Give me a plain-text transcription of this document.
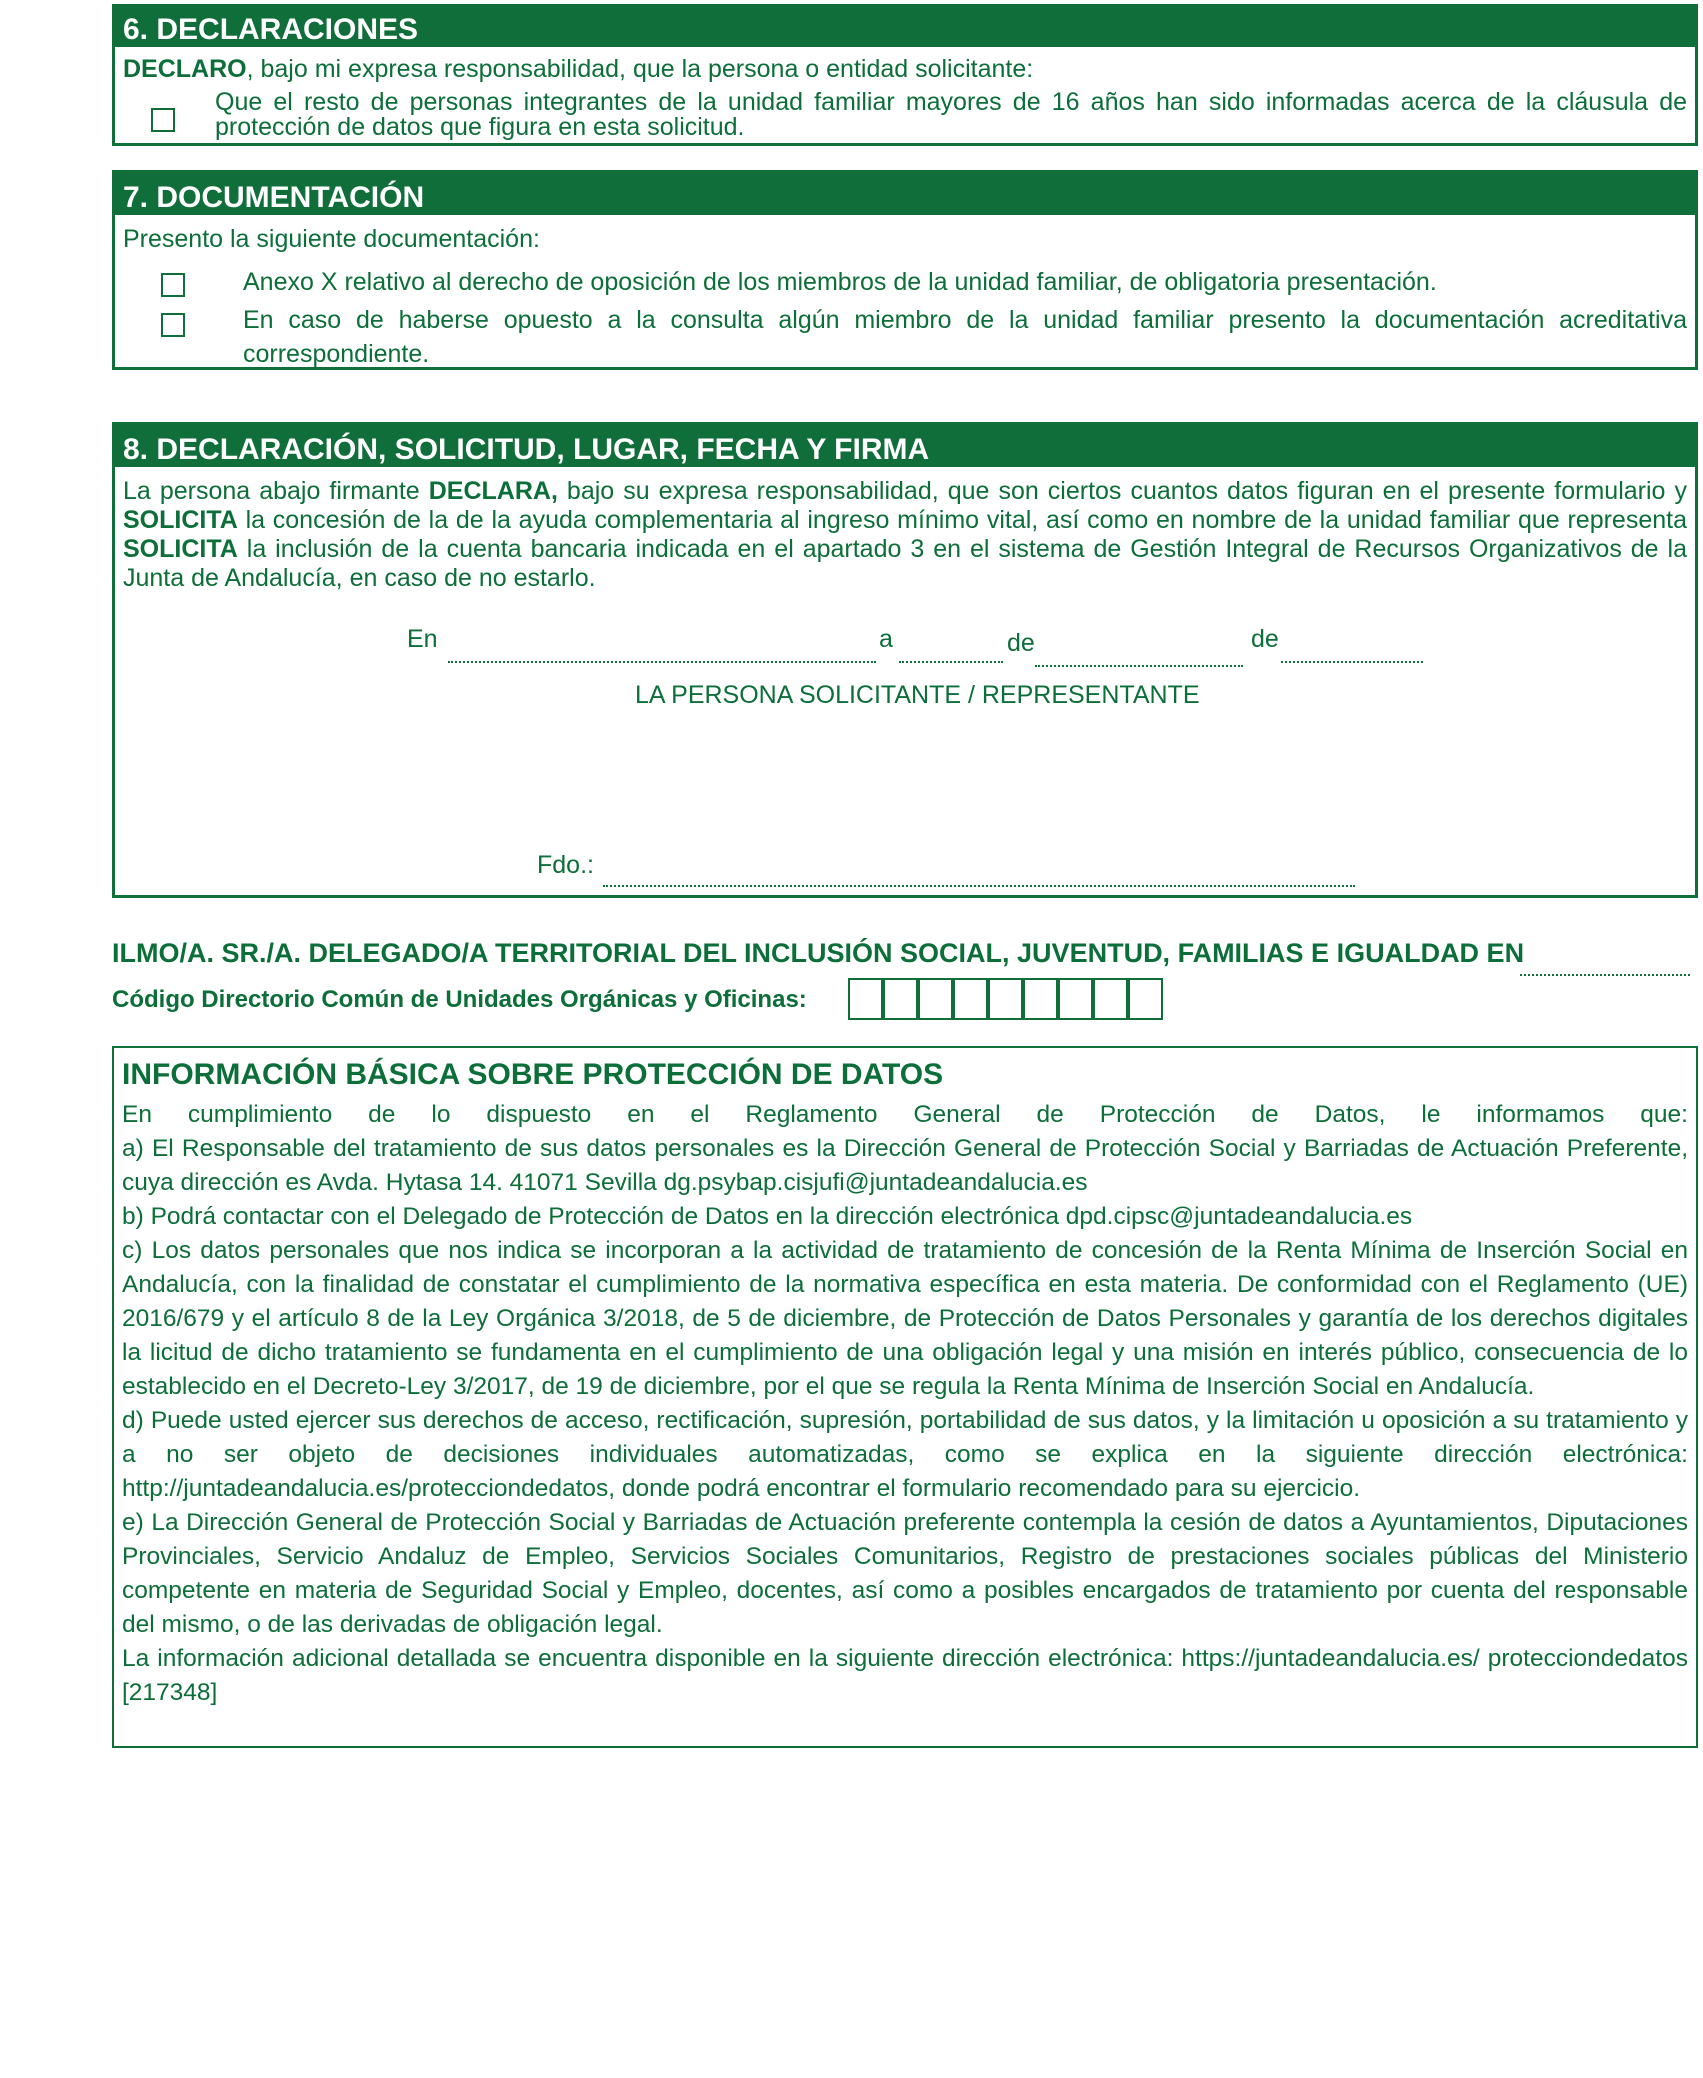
6. DECLARACIONES
DECLARO, bajo mi expresa responsabilidad, que la persona o entidad solicitante:
Que el resto de personas integrantes de la unidad familiar mayores de 16 años han sido informadas acerca de la cláusula de protección de datos que figura en esta solicitud.
7. DOCUMENTACIÓN
Presento la siguiente documentación:
Anexo X relativo al derecho de oposición de los miembros de la unidad familiar, de obligatoria presentación.
En caso de haberse opuesto a la consulta algún miembro de la unidad familiar presento la documentación acreditativa correspondiente.
8. DECLARACIÓN, SOLICITUD, LUGAR, FECHA Y FIRMA
La persona abajo firmante DECLARA, bajo su expresa responsabilidad, que son ciertos cuantos datos figuran en el presente formulario y SOLICITA la concesión de la de la ayuda complementaria al ingreso mínimo vital, así como en nombre de la unidad familiar que representa SOLICITA la inclusión de la cuenta bancaria indicada en el apartado 3 en el sistema de Gestión Integral de Recursos Organizativos de la Junta de Andalucía, en caso de no estarlo.
En	a	de	de
LA PERSONA SOLICITANTE / REPRESENTANTE
Fdo.:
ILMO/A. SR./A. DELEGADO/A TERRITORIAL DEL INCLUSIÓN SOCIAL, JUVENTUD, FAMILIAS E IGUALDAD EN
Código Directorio Común de Unidades Orgánicas y Oficinas:
INFORMACIÓN BÁSICA SOBRE PROTECCIÓN DE DATOS
En cumplimiento de lo dispuesto en el Reglamento General de Protección de Datos, le informamos que:
a) El Responsable del tratamiento de sus datos personales es la Dirección General de Protección Social y Barriadas de Actuación Preferente, cuya dirección es Avda. Hytasa 14. 41071 Sevilla dg.psybap.cisjufi@juntadeandalucia.es
b) Podrá contactar con el Delegado de Protección de Datos en la dirección electrónica dpd.cipsc@juntadeandalucia.es
c) Los datos personales que nos indica se incorporan a la actividad de tratamiento de concesión de la Renta Mínima de Inserción Social en Andalucía, con la finalidad de constatar el cumplimiento de la normativa específica en esta materia. De conformidad con el Reglamento (UE) 2016/679 y el artículo 8 de la Ley Orgánica 3/2018, de 5 de diciembre, de Protección de Datos Personales y garantía de los derechos digitales la licitud de dicho tratamiento se fundamenta en el cumplimiento de una obligación legal y una misión en interés público, consecuencia de lo establecido en el Decreto-Ley 3/2017, de 19 de diciembre, por el que se regula la Renta Mínima de Inserción Social en Andalucía.
d) Puede usted ejercer sus derechos de acceso, rectificación, supresión, portabilidad de sus datos, y la limitación u oposición a su tratamiento y a no ser objeto de decisiones individuales automatizadas, como se explica en la siguiente dirección electrónica: http://juntadeandalucia.es/protecciondedatos, donde podrá encontrar el formulario recomendado para su ejercicio.
e) La Dirección General de Protección Social y Barriadas de Actuación preferente contempla la cesión de datos a Ayuntamientos, Diputaciones Provinciales, Servicio Andaluz de Empleo, Servicios Sociales Comunitarios, Registro de prestaciones sociales públicas del Ministerio competente en materia de Seguridad Social y Empleo, docentes, así como a posibles encargados de tratamiento por cuenta del responsable del mismo, o de las derivadas de obligación legal.
La información adicional detallada se encuentra disponible en la siguiente dirección electrónica: https://juntadeandalucia.es/ protecciondedatos [217348]
